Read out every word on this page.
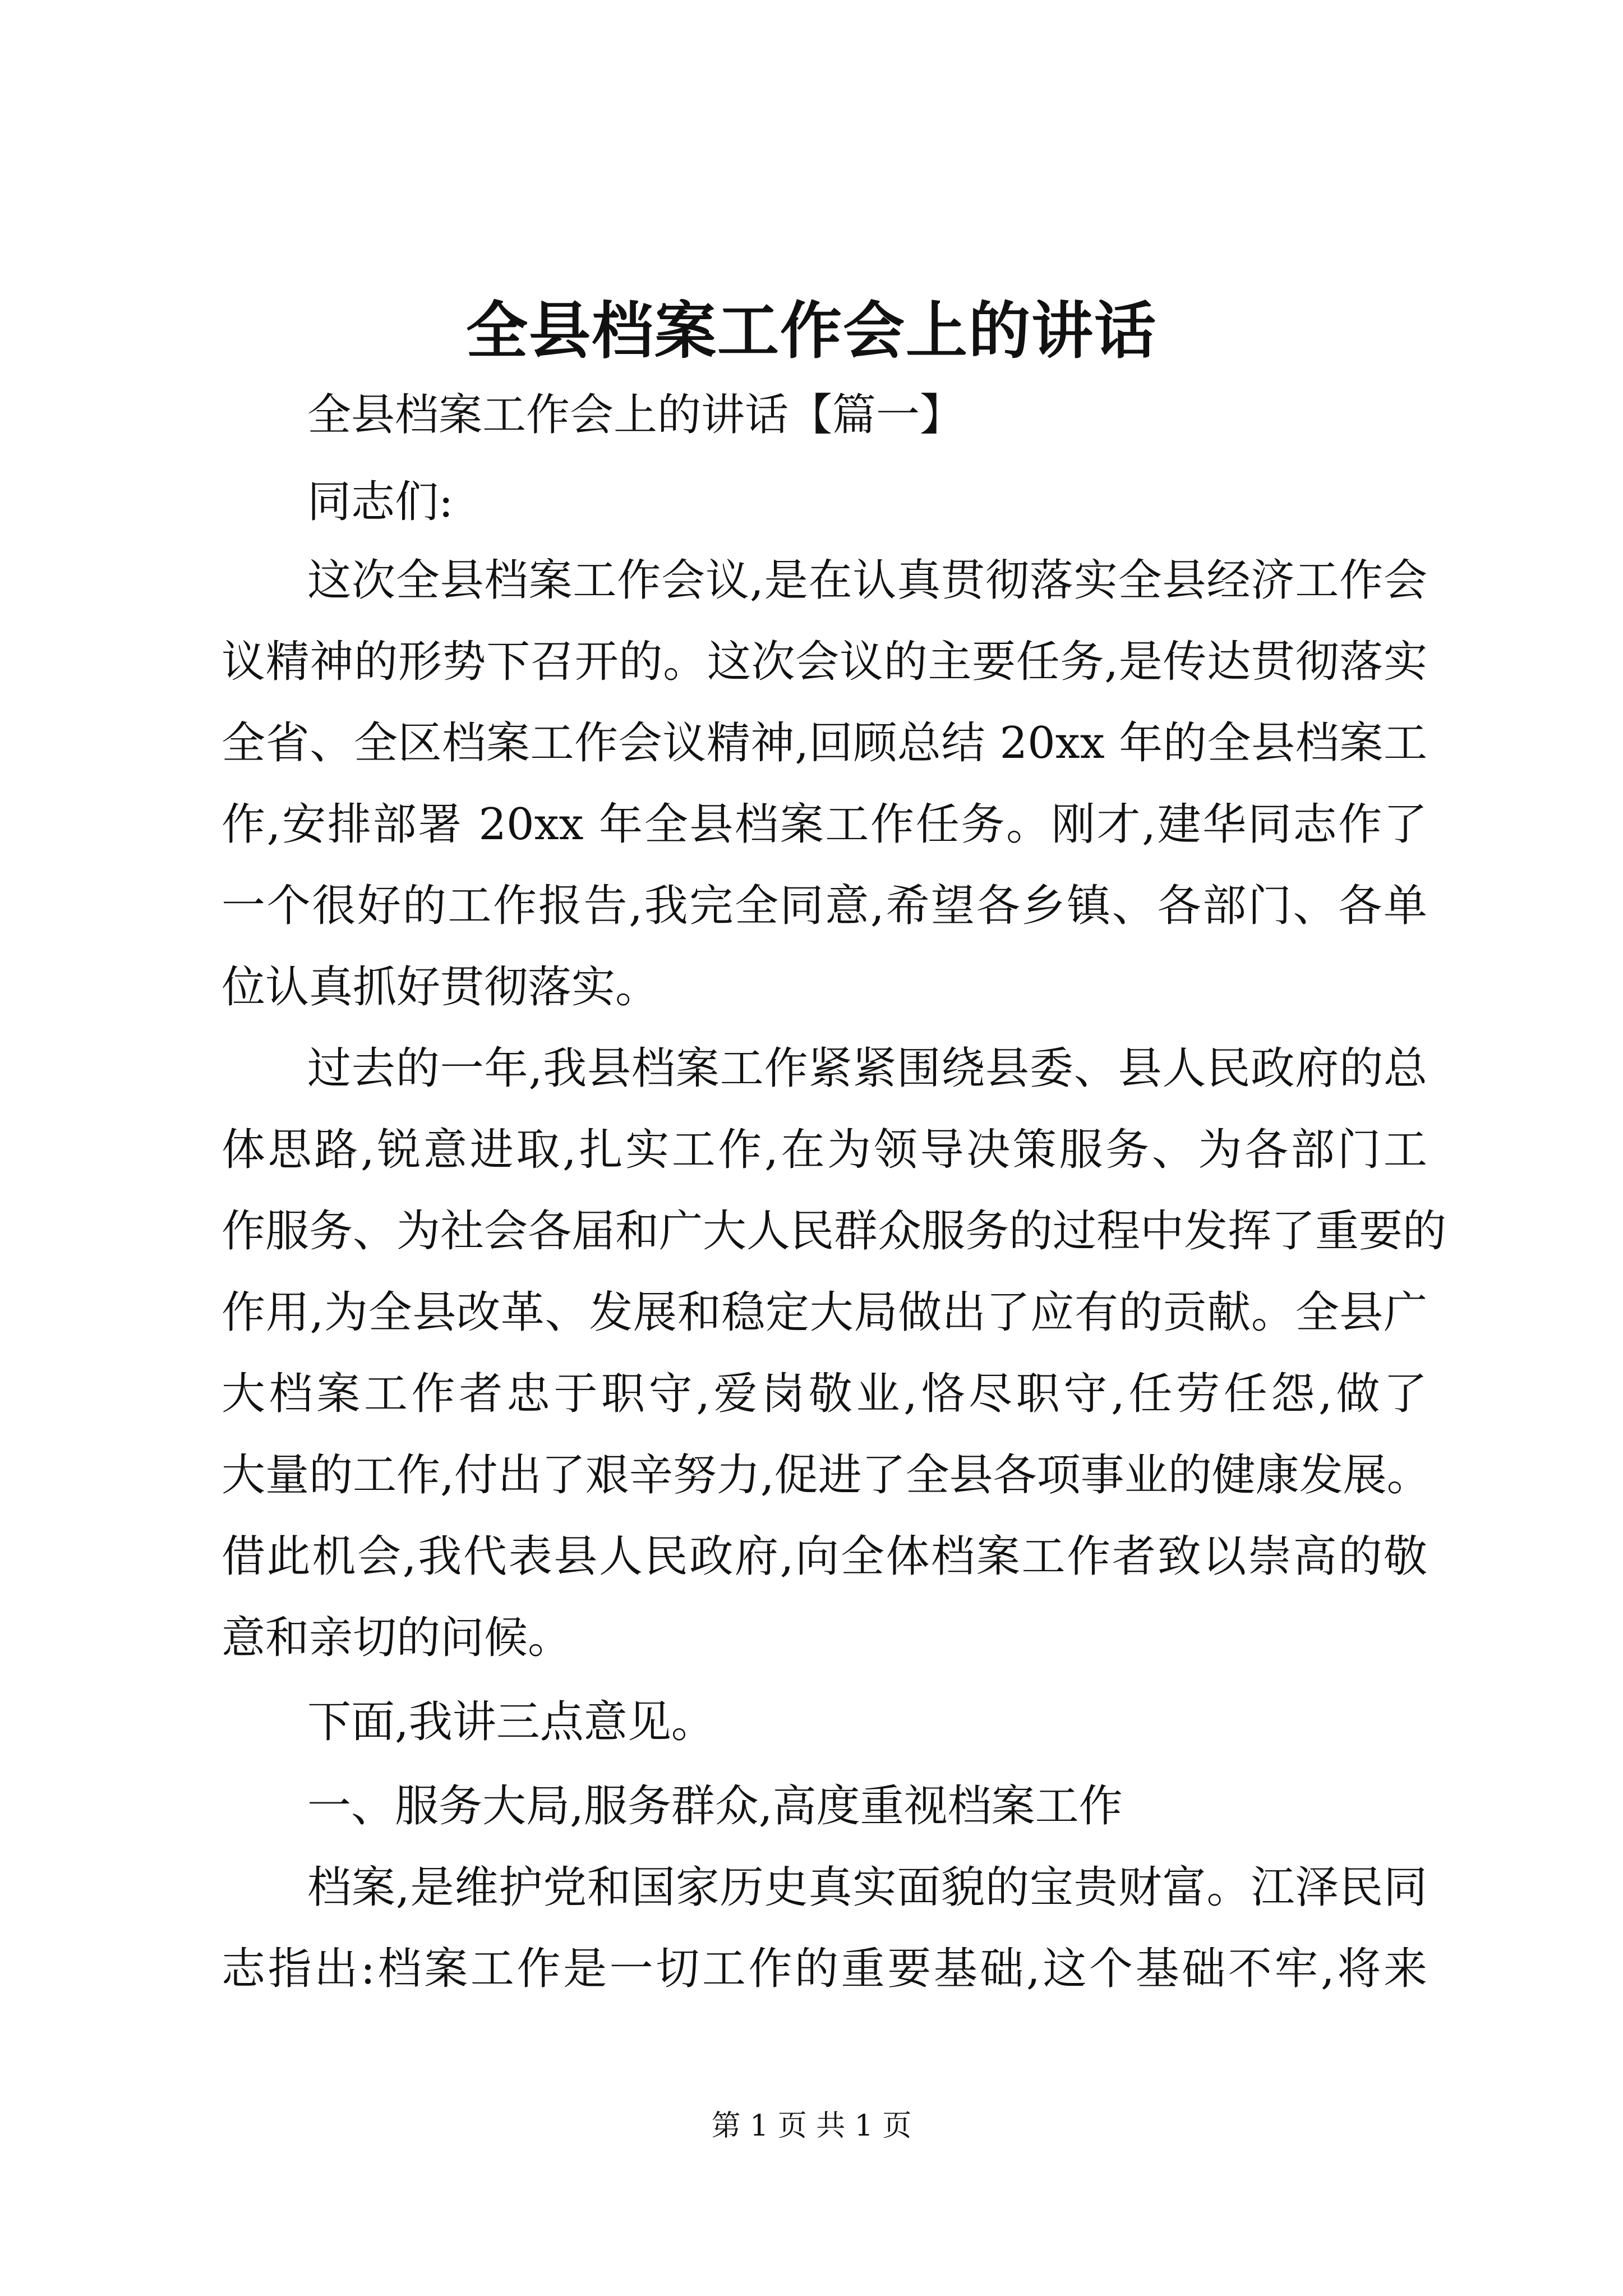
全县档案工作会上的讲话
全县档案工作会上的讲话【篇一】
同志们:
这次全县档案工作会议,是在认真贯彻落实全县经济工作会
议精神的形势下召开的。这次会议的主要任务,是传达贯彻落实
全省、全区档案工作会议精神,回顾总结 20xx 年的全县档案工
作,安排部署 20xx 年全县档案工作任务。刚才,建华同志作了
一个很好的工作报告,我完全同意,希望各乡镇、各部门、各单
位认真抓好贯彻落实。
过去的一年,我县档案工作紧紧围绕县委、县人民政府的总
体思路,锐意进取,扎实工作,在为领导决策服务、为各部门工
作服务、为社会各届和广大人民群众服务的过程中发挥了重要的
作用,为全县改革、发展和稳定大局做出了应有的贡献。全县广
大档案工作者忠于职守,爱岗敬业,恪尽职守,任劳任怨,做了
大量的工作,付出了艰辛努力,促进了全县各项事业的健康发展。
借此机会,我代表县人民政府,向全体档案工作者致以崇高的敬
意和亲切的问候。
下面,我讲三点意见。
一、服务大局,服务群众,高度重视档案工作
档案,是维护党和国家历史真实面貌的宝贵财富。江泽民同
志指出:档案工作是一切工作的重要基础,这个基础不牢,将来
第 1 页 共 1 页
